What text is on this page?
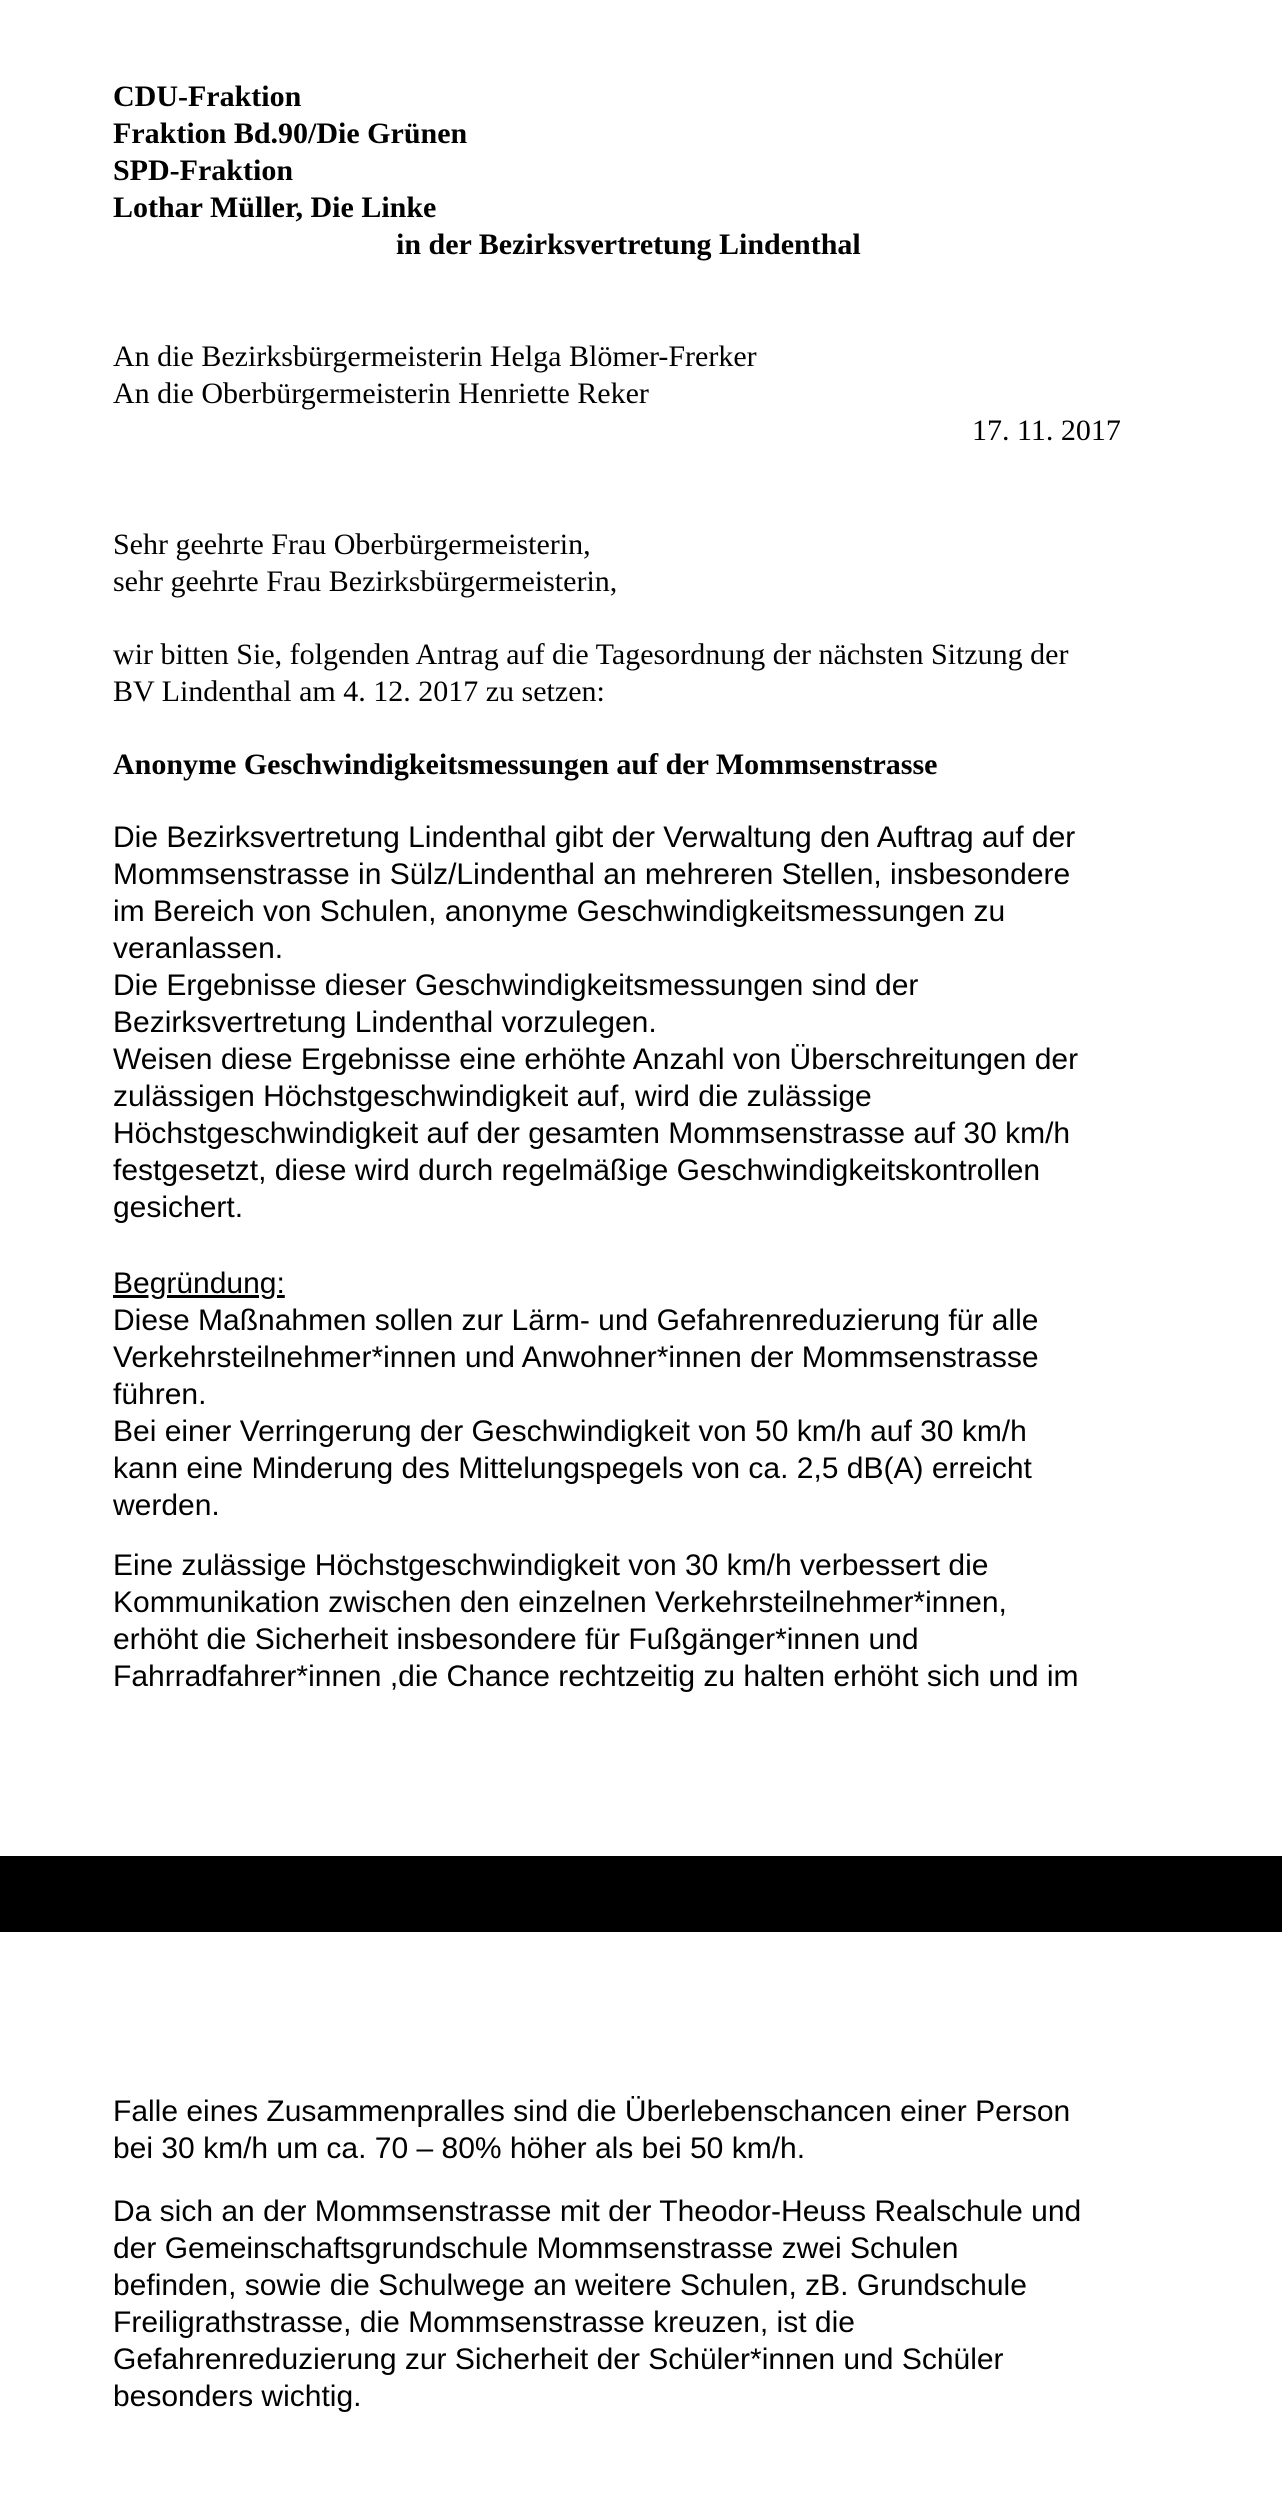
CDU-Fraktion
Fraktion Bd.90/Die Grünen
SPD-Fraktion
Lothar Müller, Die Linke
in der Bezirksvertretung Lindenthal
An die Bezirksbürgermeisterin Helga Blömer-Frerker
An die Oberbürgermeisterin Henriette Reker
17. 11. 2017
Sehr geehrte Frau Oberbürgermeisterin,
sehr geehrte Frau Bezirksbürgermeisterin,
wir bitten Sie, folgenden Antrag auf die Tagesordnung der nächsten Sitzung der
BV Lindenthal am 4. 12. 2017 zu setzen:
Anonyme Geschwindigkeitsmessungen auf der Mommsenstrasse
Die Bezirksvertretung Lindenthal gibt der Verwaltung den Auftrag auf der
Mommsenstrasse in Sülz/Lindenthal an mehreren Stellen, insbesondere
im Bereich von Schulen, anonyme Geschwindigkeitsmessungen zu
veranlassen.
Die Ergebnisse dieser Geschwindigkeitsmessungen sind der
Bezirksvertretung Lindenthal vorzulegen.
Weisen diese Ergebnisse eine erhöhte Anzahl von Überschreitungen der
zulässigen Höchstgeschwindigkeit auf, wird die zulässige
Höchstgeschwindigkeit auf der gesamten Mommsenstrasse auf 30 km/h
festgesetzt, diese wird durch regelmäßige Geschwindigkeitskontrollen
gesichert.
Begründung:
Diese Maßnahmen sollen zur Lärm- und Gefahrenreduzierung für alle
Verkehrsteilnehmer*innen und Anwohner*innen der Mommsenstrasse
führen.
Bei einer Verringerung der Geschwindigkeit von 50 km/h auf 30 km/h
kann eine Minderung des Mittelungspegels von ca. 2,5 dB(A) erreicht
werden.
Eine zulässige Höchstgeschwindigkeit von 30 km/h verbessert die
Kommunikation zwischen den einzelnen Verkehrsteilnehmer*innen,
erhöht die Sicherheit insbesondere für Fußgänger*innen und
Fahrradfahrer*innen ,die Chance rechtzeitig zu halten erhöht sich und im
Falle eines Zusammenpralles sind die Überlebenschancen einer Person
bei 30 km/h um ca. 70 – 80% höher als bei 50 km/h.
Da sich an der Mommsenstrasse mit der Theodor-Heuss Realschule und
der Gemeinschaftsgrundschule Mommsenstrasse zwei Schulen
befinden, sowie die Schulwege an weitere Schulen, zB. Grundschule
Freiligrathstrasse, die Mommsenstrasse kreuzen, ist die
Gefahrenreduzierung zur Sicherheit der Schüler*innen und Schüler
besonders wichtig.
